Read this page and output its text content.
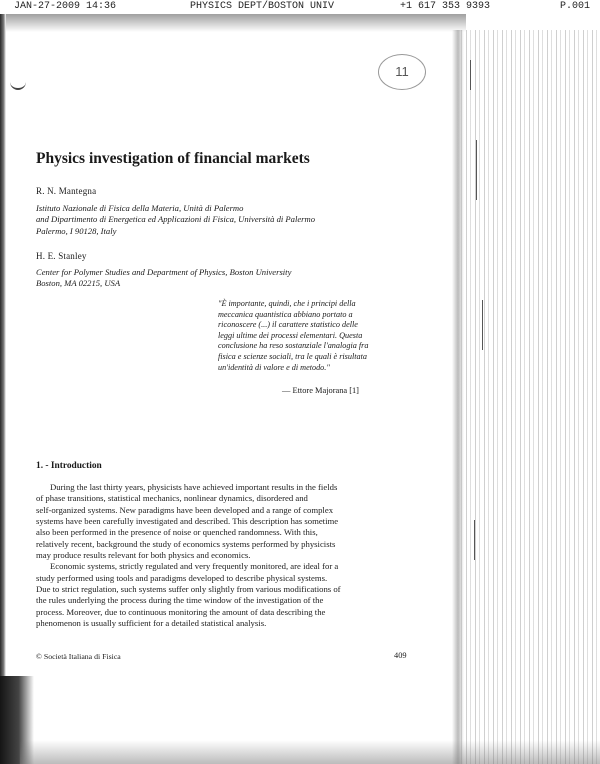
JAN-27-2009 14:36	PHYSICS DEPT/BOSTON UNIV	+1 617 353 9393	P.001
11
Physics investigation of financial markets
R. N. Mantegna
Istituto Nazionale di Fisica della Materia, Unità di Palermo
and Dipartimento di Energetica ed Applicazioni di Fisica, Università di Palermo
Palermo, I 90128, Italy
H. E. Stanley
Center for Polymer Studies and Department of Physics, Boston University
Boston, MA 02215, USA
"È importante, quindi, che i principi della
meccanica quantistica abbiano portato a
riconoscere (...) il carattere statistico delle
leggi ultime dei processi elementari. Questa
conclusione ha reso sostanziale l'analogia fra
fisica e scienze sociali, tra le quali è risultata
un'identità di valore e di metodo."
— Ettore Majorana [1]
1. - Introduction
During the last thirty years, physicists have achieved important results in the fields
of phase transitions, statistical mechanics, nonlinear dynamics, disordered and
self-organized systems. New paradigms have been developed and a range of complex
systems have been carefully investigated and described. This description has sometime
also been performed in the presence of noise or quenched randomness. With this,
relatively recent, background the study of economics systems performed by physicists
may produce results relevant for both physics and economics.
Economic systems, strictly regulated and very frequently monitored, are ideal for a
study performed using tools and paradigms developed to describe physical systems.
Due to strict regulation, such systems suffer only slightly from various modifications of
the rules underlying the process during the time window of the investigation of the
process. Moreover, due to continuous monitoring the amount of data describing the
phenomenon is usually sufficient for a detailed statistical analysis.
© Società Italiana di Fisica	409
